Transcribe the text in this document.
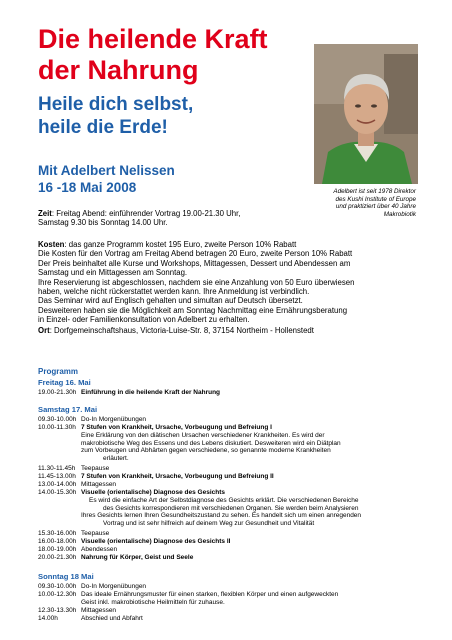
Die heilende Kraft
der Nahrung
Heile dich selbst,
heile die Erde!
Mit Adelbert Nelissen
16 -18 Mai 2008	Adelbert ist seit 1978 Direktor
des Kushi Institute of Europe
und praktiziert über 40 Jahre
Makrobiotik
Zeit: Freitag Abend: einführender Vortrag 19.00-21.30 Uhr,
Samstag 9.30 bis Sonntag 14.00 Uhr.
Kosten: das ganze Programm kostet 195 Euro, zweite Person 10% Rabatt
Die Kosten für den Vortrag am Freitag Abend betragen 20 Euro, zweite Person 10% Rabatt
Der Preis beinhaltet alle Kurse und Workshops, Mittagessen, Dessert und Abendessen am
Samstag und ein Mittagessen am Sonntag.
Ihre Reservierung ist abgeschlossen, nachdem sie eine Anzahlung von 50 Euro überwiesen
haben, welche nicht rückerstattet werden kann. Ihre Anmeldung ist verbindlich.
Das Seminar wird auf Englisch gehalten und simultan auf Deutsch übersetzt.
Desweiteren haben sie die Möglichkeit am Sonntag Nachmittag eine Ernährungsberatung
in Einzel- oder Familienkonsultation von Adelbert zu erhalten.
Ort: Dorfgemeinschaftshaus, Victoria-Luise-Str. 8, 37154 Northeim - Hollenstedt
Programm
Freitag 16. Mai
19.00-21.30h Einführung in die heilende Kraft der Nahrung
Samstag 17. Mai
09.30-10.00h Do-In Morgenübungen
10.00-11.30h 7 Stufen von Krankheit, Ursache, Vorbeugung und Befreiung I
Eine Erklärung von den diätischen Ursachen verschiedener Krankheiten. Es wird der
makrobiotische Weg des Essens und des Lebens diskutiert. Desweiteren wird ein Diätplan
zum Vorbeugen und Abhärten gegen verschiedene, so genannte moderne Krankheiten
erläutert.
11.30-11.45h Teepause
11.45-13.00h 7 Stufen von Krankheit, Ursache, Vorbeugung und Befreiung II
13.00-14.00h Mittagessen
14.00-15.30h Visuelle (orientalische) Diagnose des Gesichts
Es wird die einfache Art der Selbstdiagnose des Gesichts erklärt. Die verschiedenen Bereiche
des Gesichts korrespondieren mit verschiedenen Organen. Sie werden beim Analysieren
Ihres Gesichts lernen Ihren Gesundheitszustand zu sehen. Es handelt sich um einen anregenden
Vortrag und ist sehr hilfreich auf deinem Weg zur Gesundheit und Vitalität
15.30-16.00h Teepause
16.00-18.00h Visuelle (orientalische) Diagnose des Gesichts II
18.00-19.00h Abendessen
20.00-21.30h Nahrung für Körper, Geist und Seele
Sonntag 18 Mai
09.30-10.00h Do-In Morgenübungen
10.00-12.30h Das ideale Ernährungsmuster für einen starken, flexiblen Körper und einen aufgeweckten
Geist inkl. makrobiotische Heilmitteln für zuhause.
12.30-13.30h Mittagessen
14.00h	Abschied und Abfahrt
